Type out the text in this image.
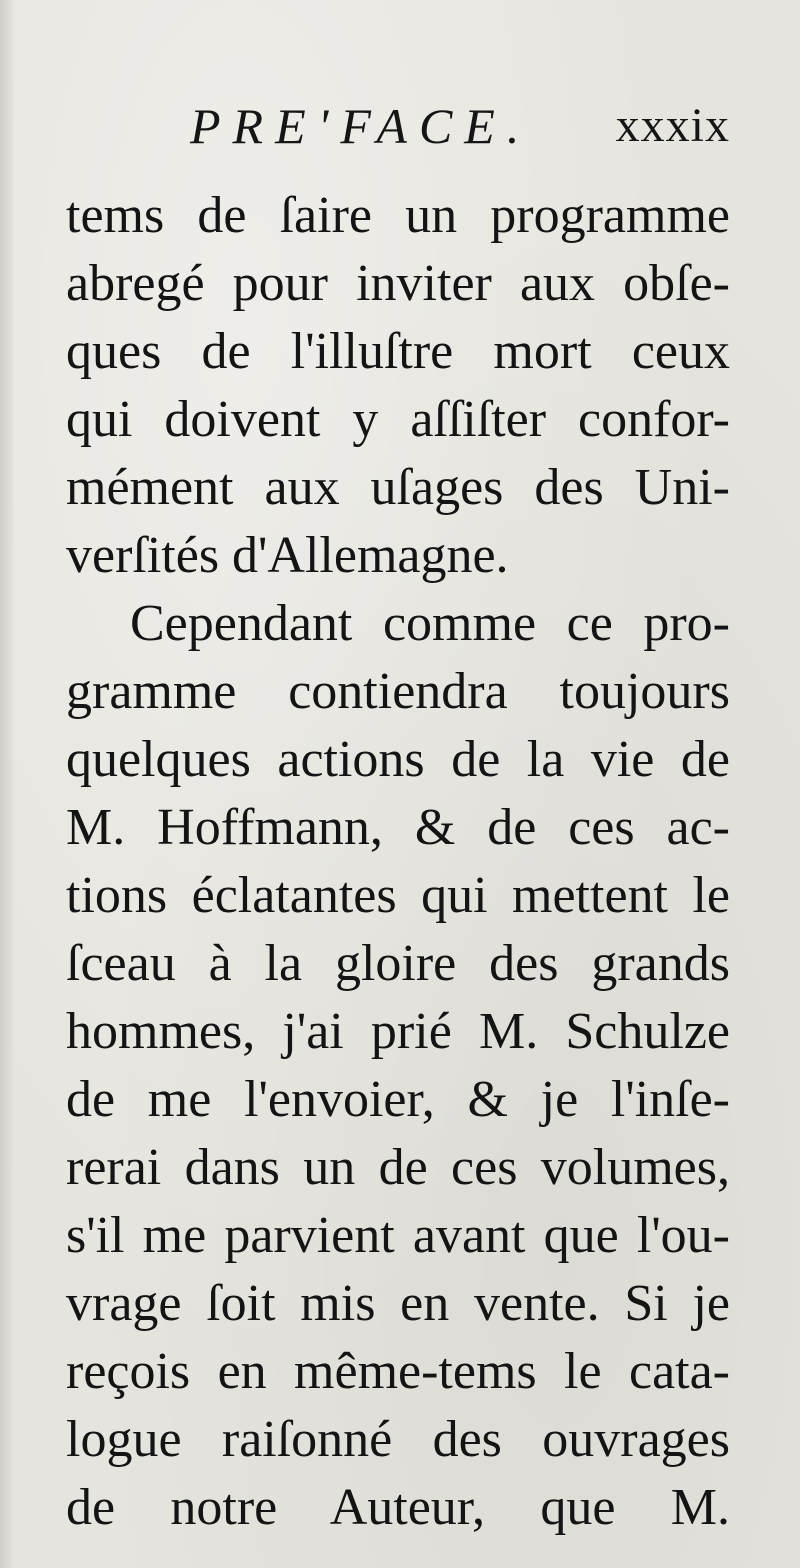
PRE'FACE. xxxix
tems de ſaire un programme
abregé pour inviter aux obſe-
ques de l'illuſtre mort ceux
qui doivent y aſſiſter confor-
mément aux uſages des Uni-
verſités d'Allemagne.
Cependant comme ce pro-
gramme contiendra toujours
quelques actions de la vie de
M. Hoffmann, & de ces ac-
tions éclatantes qui mettent le
ſceau à la gloire des grands
hommes, j'ai prié M. Schulze
de me l'envoier, & je l'inſe-
rerai dans un de ces volumes,
s'il me parvient avant que l'ou-
vrage ſoit mis en vente. Si je
reçois en même-tems le cata-
logue raiſonné des ouvrages
de notre Auteur, que M.
